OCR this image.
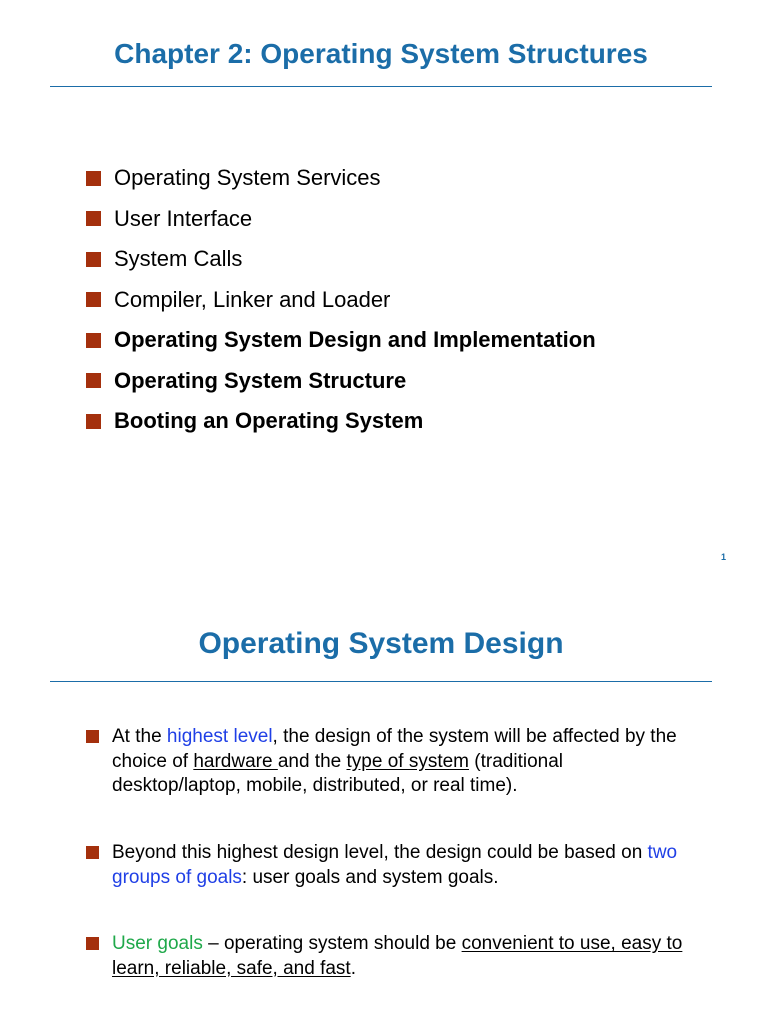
Chapter 2: Operating System Structures
Operating System Services
User Interface
System Calls
Compiler, Linker and Loader
Operating System Design and Implementation
Operating System Structure
Booting an Operating System
1
Operating System Design
At the highest level, the design of the system will be affected by the choice of hardware and the type of system (traditional desktop/laptop, mobile, distributed, or real time).
Beyond this highest design level, the design could be based on two groups of goals: user goals and system goals.
User goals – operating system should be convenient to use, easy to learn, reliable, safe, and fast.
